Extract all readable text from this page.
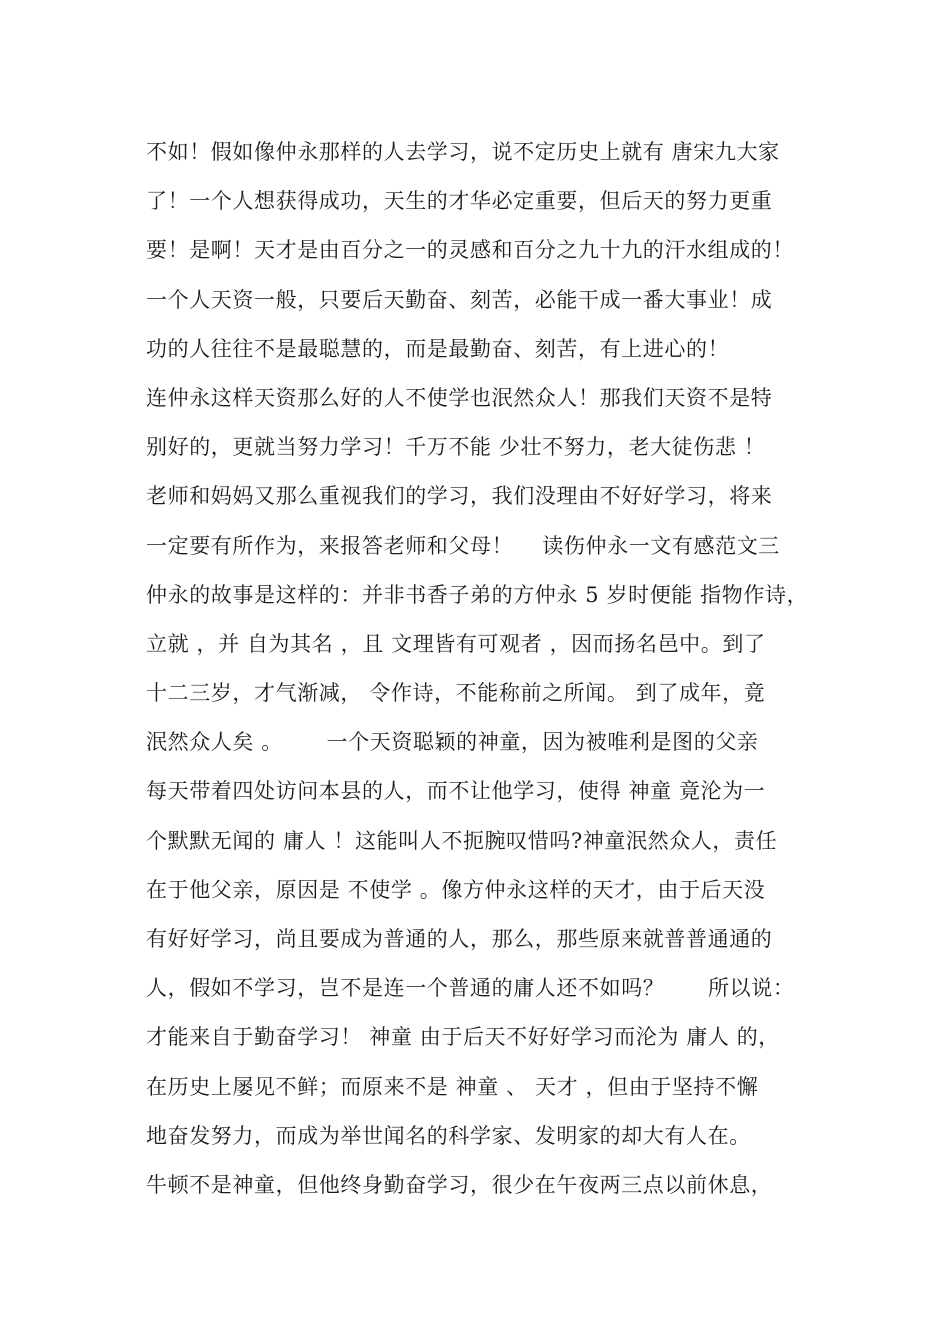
不如！假如像仲永那样的人去学习，说不定历史上就有 唐宋九大家
了！一个人想获得成功，天生的才华必定重要，但后天的努力更重
要！是啊！天才是由百分之一的灵感和百分之九十九的汗水组成的！
一个人天资一般，只要后天勤奋、刻苦，必能干成一番大事业！成
功的人往往不是最聪慧的，而是最勤奋、刻苦，有上进心的！
连仲永这样天资那么好的人不使学也泯然众人！那我们天资不是特
别好的，更就当努力学习！千万不能 少壮不努力，老大徒伤悲 ！
老师和妈妈又那么重视我们的学习，我们没理由不好好学习，将来
一定要有所作为，来报答老师和父母！    读伤仲永一文有感范文三
仲永的故事是这样的：并非书香子弟的方仲永 5 岁时便能 指物作诗，
立就 ，并 自为其名 ，且 文理皆有可观者 ，因而扬名邑中。到了
十二三岁，才气渐减， 令作诗，不能称前之所闻。 到了成年，竟
泯然众人矣 。      一个天资聪颖的神童，因为被唯利是图的父亲
每天带着四处访问本县的人，而不让他学习，使得 神童 竟沦为一
个默默无闻的 庸人 ！这能叫人不扼腕叹惜吗?神童泯然众人，责任
在于他父亲，原因是 不使学 。像方仲永这样的天才，由于后天没
有好好学习，尚且要成为普通的人，那么，那些原来就普普通通的
人，假如不学习，岂不是连一个普通的庸人还不如吗？      所以说：
才能来自于勤奋学习！ 神童 由于后天不好好学习而沦为 庸人 的，
在历史上屡见不鲜；而原来不是 神童 、 天才 ，但由于坚持不懈
地奋发努力，而成为举世闻名的科学家、发明家的却大有人在。
牛顿不是神童，但他终身勤奋学习，很少在午夜两三点以前休息，
